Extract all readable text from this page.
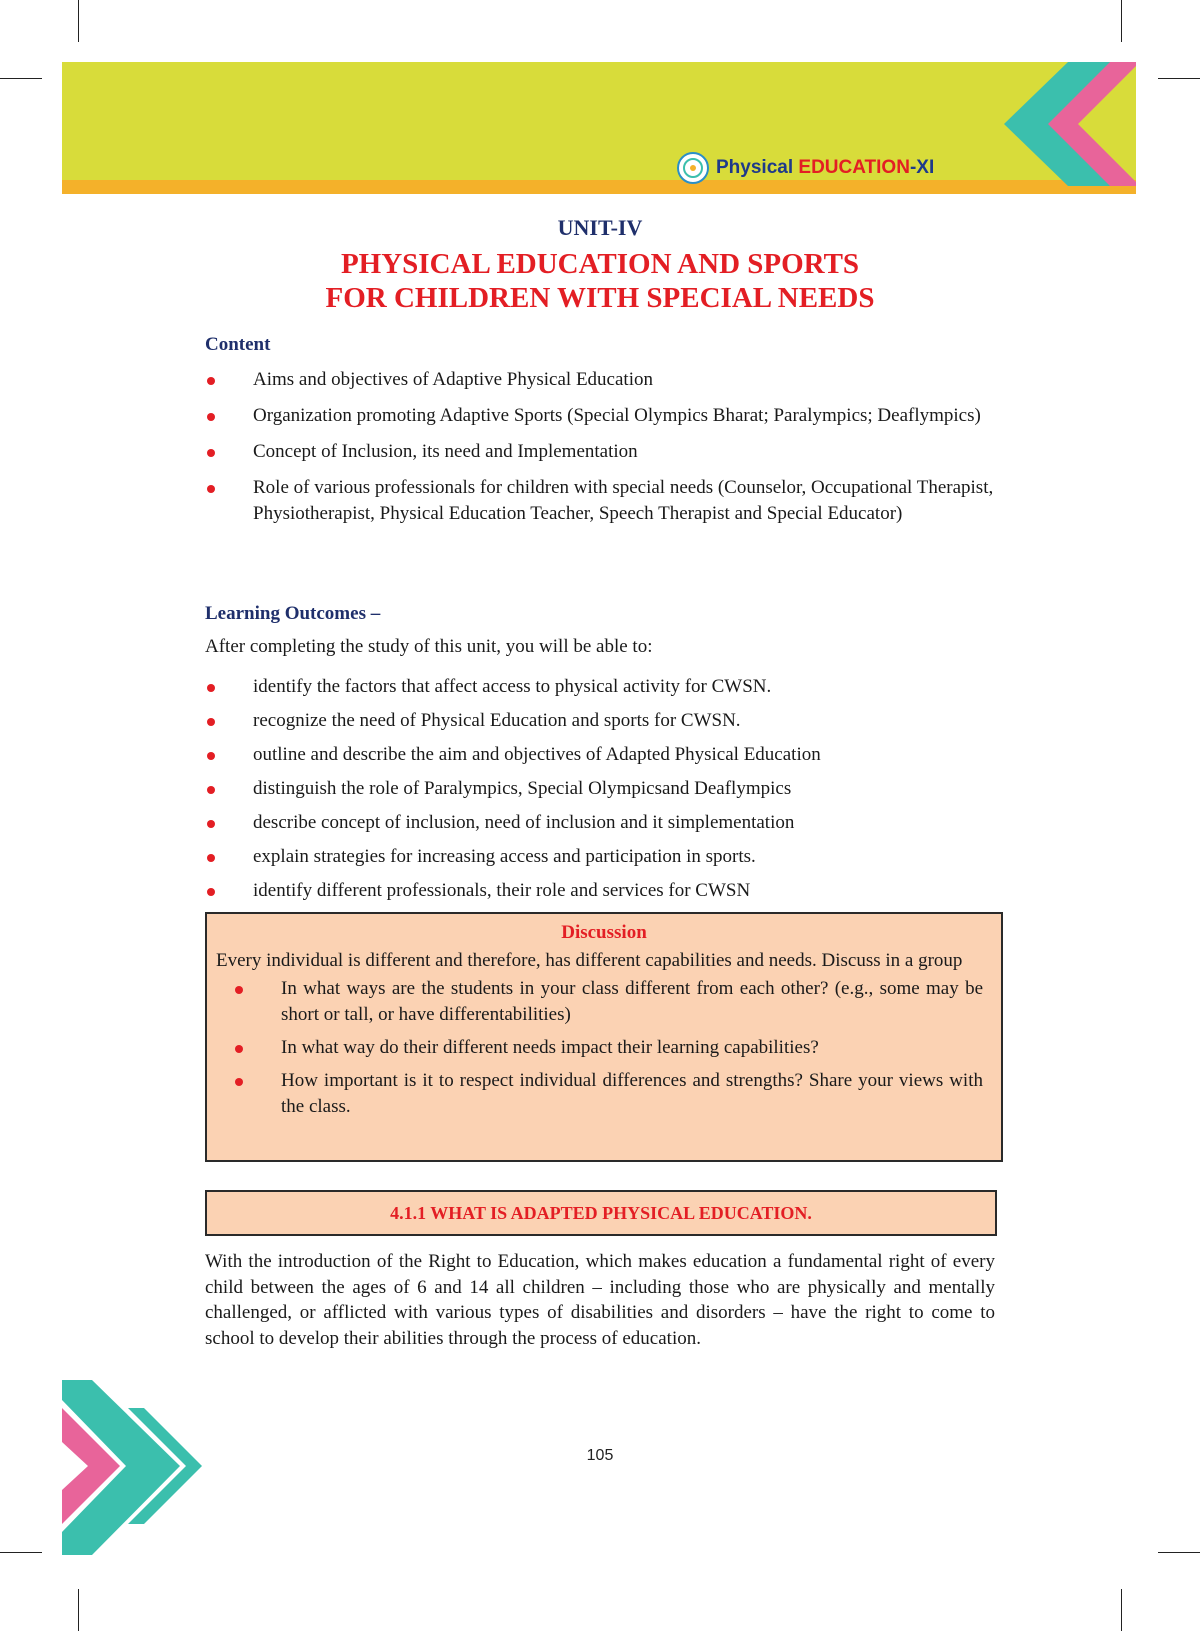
Physical EDUCATION-XI
UNIT-IV
PHYSICAL EDUCATION AND SPORTS
FOR CHILDREN WITH SPECIAL NEEDS
Content
Aims and objectives of Adaptive Physical Education
Organization promoting Adaptive Sports (Special Olympics Bharat; Paralympics; Deaflympics)
Concept of Inclusion, its need and Implementation
Role of various professionals for children with special needs (Counselor, Occupational Therapist, Physiotherapist, Physical Education Teacher, Speech Therapist and Special Educator)
Learning Outcomes –
After completing the study of this unit, you will be able to:
identify the factors that affect access to physical activity for CWSN.
recognize the need of Physical Education and sports for CWSN.
outline and describe the aim and objectives of Adapted Physical Education
distinguish the role of Paralympics, Special Olympicsand Deaflympics
describe concept of inclusion, need of inclusion and it simplementation
explain strategies for increasing access and participation in sports.
identify different professionals, their role and services for CWSN
Discussion
Every individual is different and therefore, has different capabilities and needs. Discuss in a group
In what ways are the students in your class different from each other? (e.g., some may be short or tall, or have differentabilities)
In what way do their different needs impact their learning capabilities?
How important is it to respect individual differences and strengths? Share your views with the class.
4.1.1 WHAT IS ADAPTED PHYSICAL EDUCATION.
With the introduction of the Right to Education, which makes education a fundamental right of every child between the ages of 6 and 14 all children – including those who are physically and mentally challenged, or afflicted with various types of disabilities and disorders – have the right to come to school to develop their abilities through the process of education.
105
